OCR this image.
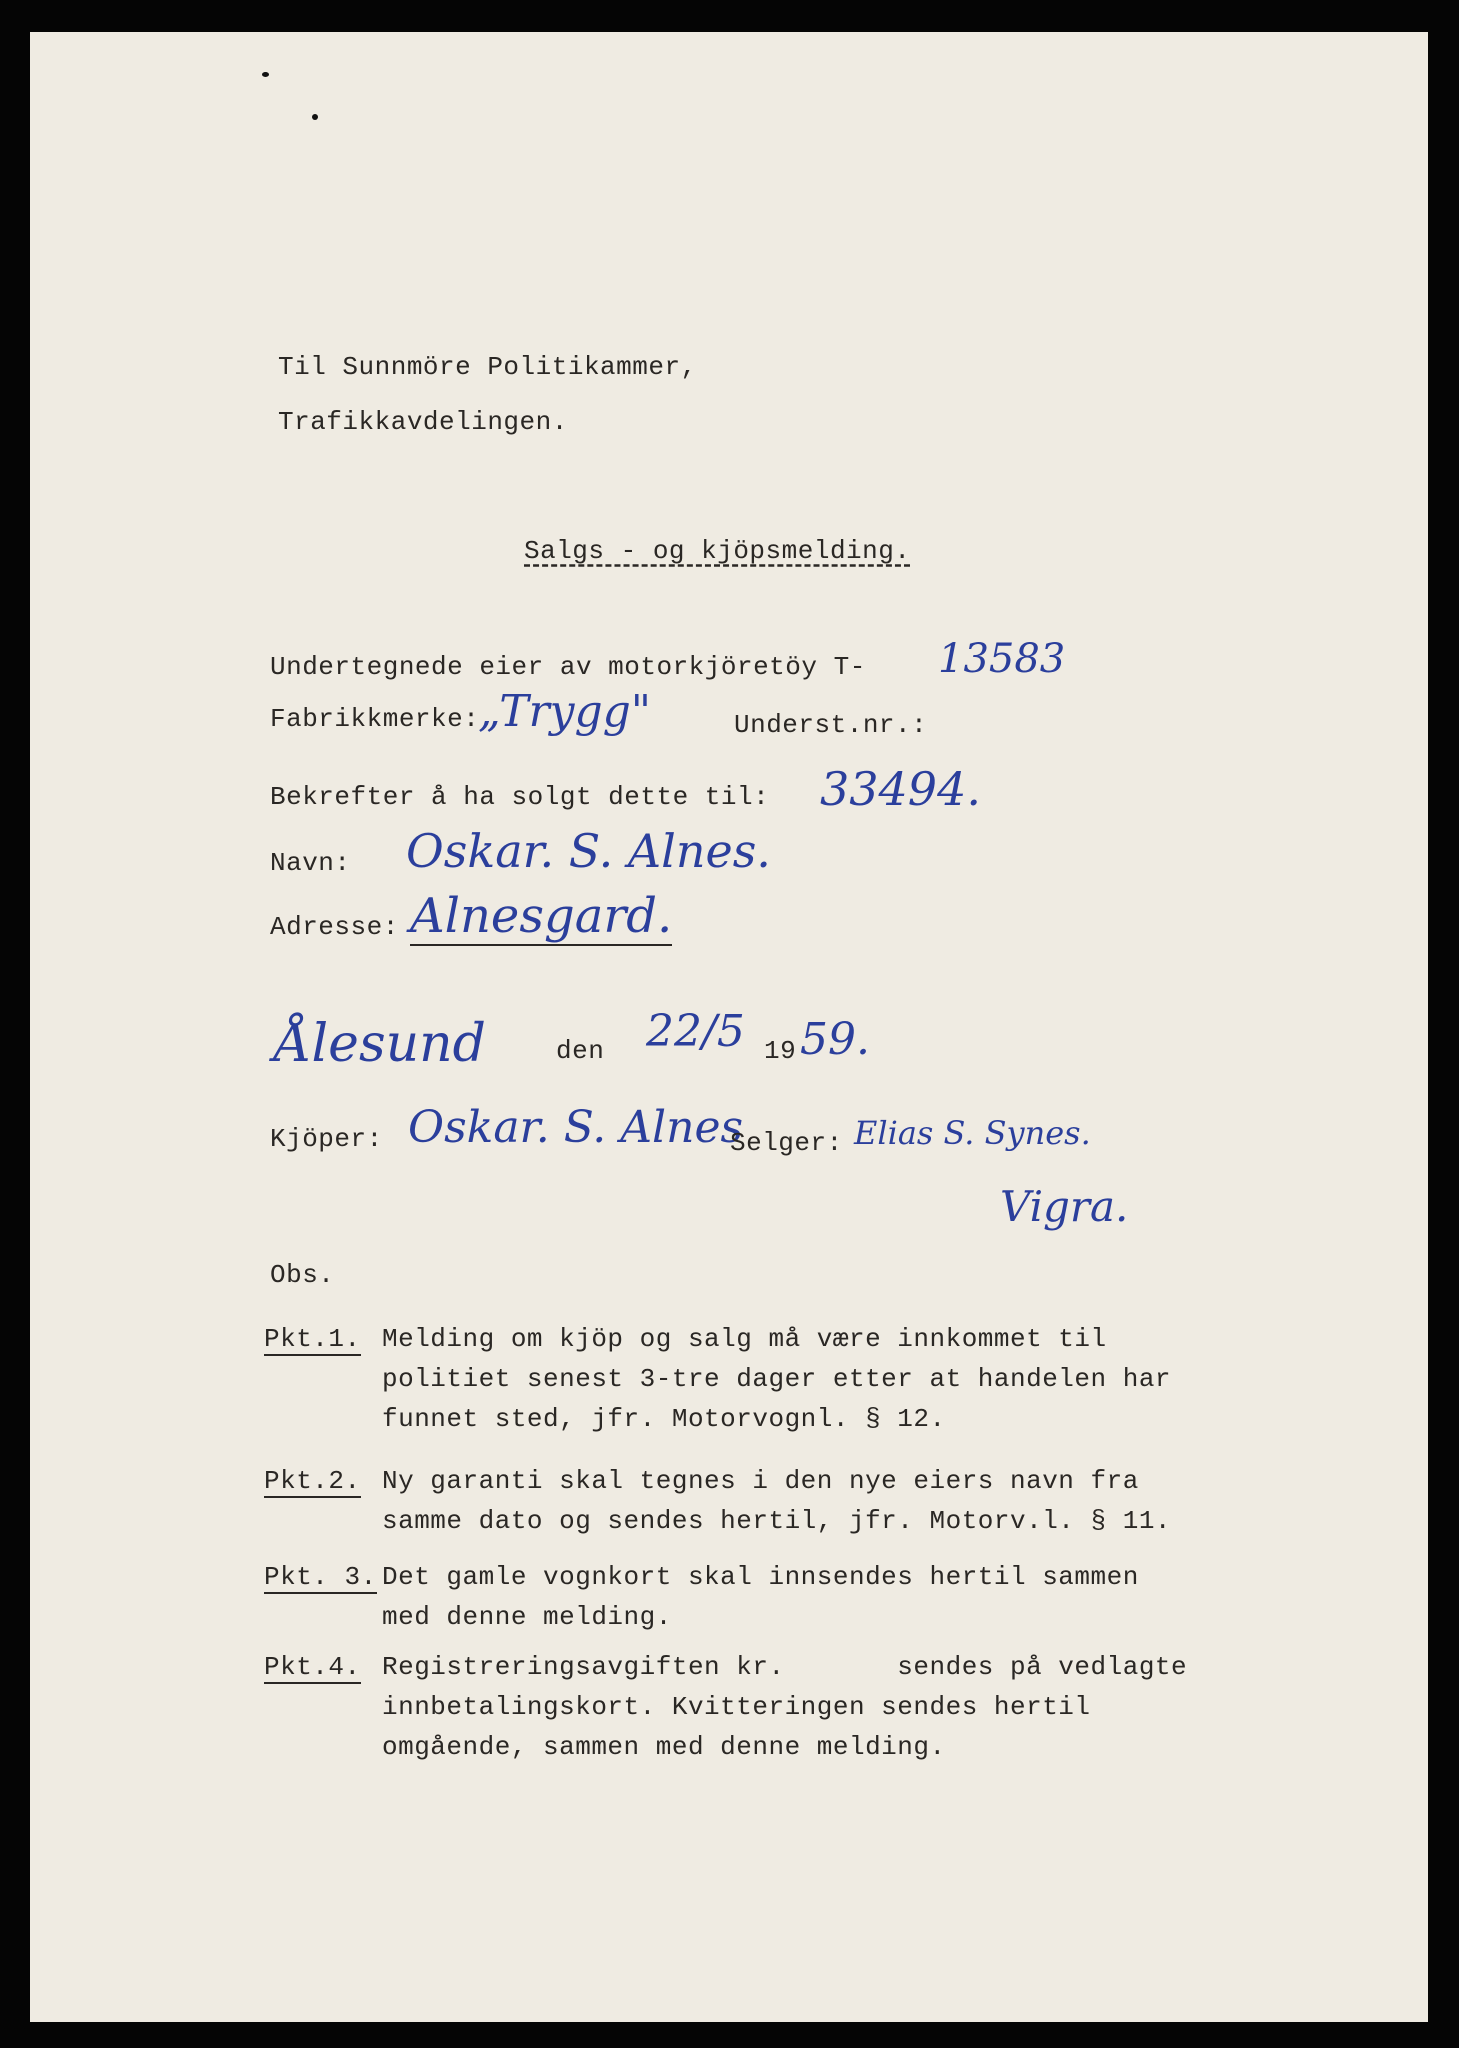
Til Sunnmöre Politikammer,
Trafikkavdelingen.
Salgs - og kjöpsmelding.
Undertegnede eier av motorkjöretöy T- 13583
Fabrikkmerke:
„Trygg"	Underst.nr.:
Bekrefter å ha solgt dette til: 33494.
Navn: Oskar. S. Alnes.
Adresse: Alnesgard.
Ålesund	den 22/5 19 59.
Kjöper: Oskar. S. Alnes
Selger: Elias S. Synes.
Vigra.
Obs.
Pkt.1. Melding om kjöp og salg må være innkommet til
politiet senest 3-tre dager etter at handelen har
funnet sted, jfr. Motorvognl. § 12.
Pkt.2. Ny garanti skal tegnes i den nye eiers navn fra
samme dato og sendes hertil, jfr. Motorv.l. § 11.
Pkt. 3. Det gamle vognkort skal innsendes hertil sammen
med denne melding.
Pkt.4. Registreringsavgiften kr.       sendes på vedlagte
innbetalingskort. Kvitteringen sendes hertil
omgående, sammen med denne melding.
